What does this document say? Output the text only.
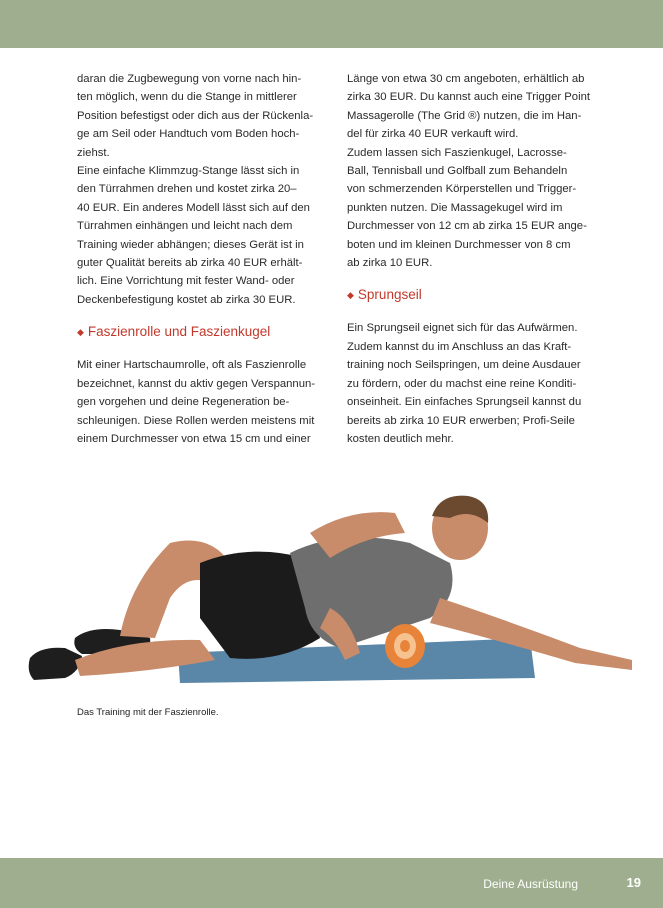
daran die Zugbewegung von vorne nach hin-
ten möglich, wenn du die Stange in mittlerer
Position befestigst oder dich aus der Rückenla-
ge am Seil oder Handtuch vom Boden hoch-
ziehst.
Eine einfache Klimmzug-Stange lässt sich in
den Türrahmen drehen und kostet zirka 20–
40 EUR. Ein anderes Modell lässt sich auf den
Türrahmen einhängen und leicht nach dem
Training wieder abhängen; dieses Gerät ist in
guter Qualität bereits ab zirka 40 EUR erhält-
lich. Eine Vorrichtung mit fester Wand- oder
Deckenbefestigung kostet ab zirka 30 EUR.

◆ Faszienrolle und Faszienkugel

Mit einer Hartschaumrolle, oft als Faszienrolle
bezeichnet, kannst du aktiv gegen Verspannun-
gen vorgehen und deine Regeneration be-
schleunigen. Diese Rollen werden meistens mit
einem Durchmesser von etwa 15 cm und einer

Länge von etwa 30 cm angeboten, erhältlich ab
zirka 30 EUR. Du kannst auch eine Trigger Point
Massagerolle (The Grid ®) nutzen, die im Han-
del für zirka 40 EUR verkauft wird.
Zudem lassen sich Faszienkugel, Lacrosse-
Ball, Tennisball und Golfball zum Behandeln
von schmerzenden Körperstellen und Trigger-
punkten nutzen. Die Massagekugel wird im
Durchmesser von 12 cm ab zirka 15 EUR ange-
boten und im kleinen Durchmesser von 8 cm
ab zirka 10 EUR.

◆ Sprungseil

Ein Sprungseil eignet sich für das Aufwärmen.
Zudem kannst du im Anschluss an das Kraft-
training noch Seilspringen, um deine Ausdauer
zu fördern, oder du machst eine reine Konditi-
onseinheit. Ein einfaches Sprungseil kannst du
bereits ab zirka 10 EUR erwerben; Profi-Seile
kosten deutlich mehr.

Das Training mit der Faszienrolle.
Deine Ausrüstung	19
